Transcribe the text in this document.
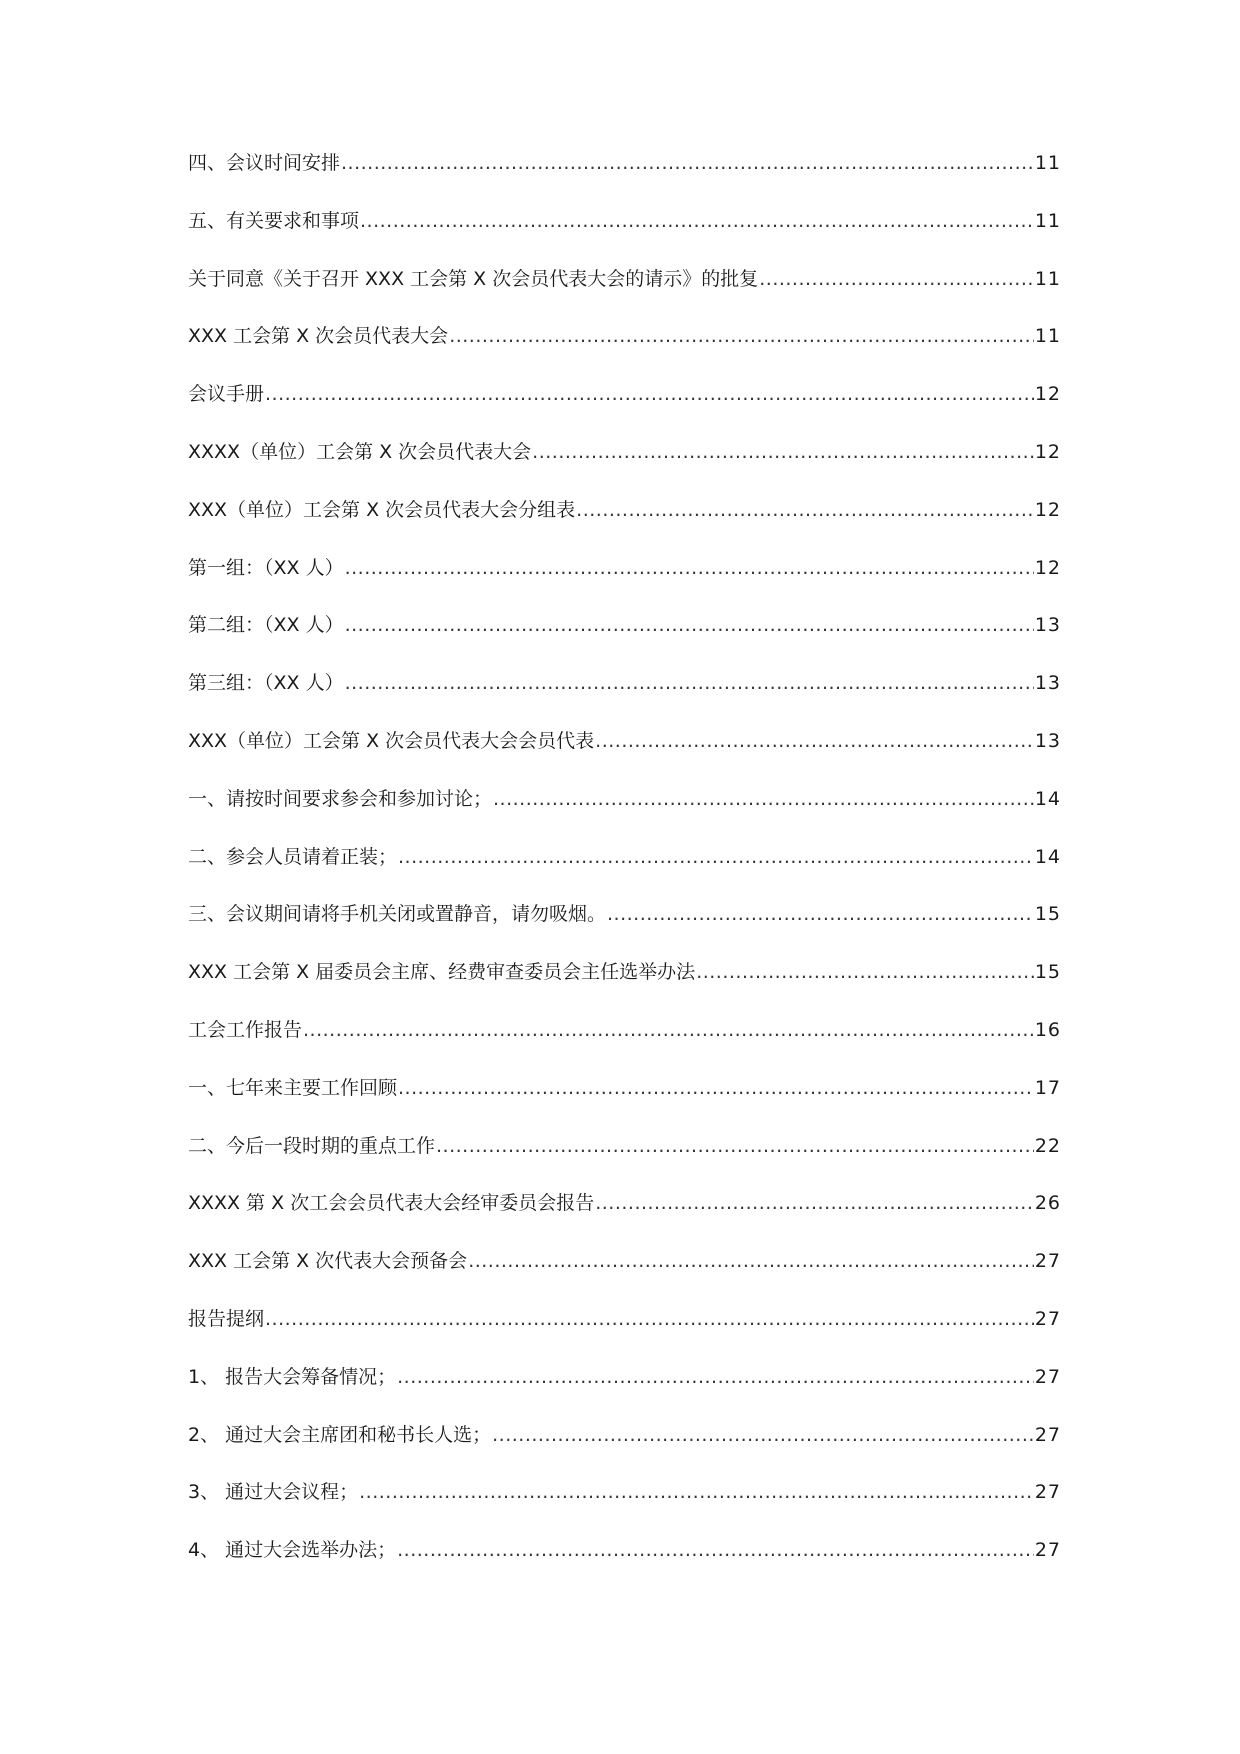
四、会议时间安排 .....	11
五、有关要求和事项 .....	11
关于同意《关于召开 XXX 工会第 X 次会员代表大会的请示》的批复 .....	11
XXX 工会第 X 次会员代表大会 .....	11
会议手册 .....	12
XXXX（单位）工会第 X 次会员代表大会 .....	12
XXX（单位）工会第 X 次会员代表大会分组表 .....	12
第一组：（XX 人） .....	12
第二组：（XX 人） .....	13
第三组：（XX 人） .....	13
XXX（单位）工会第 X 次会员代表大会会员代表 .....	13
一、请按时间要求参会和参加讨论； .....	14
二、参会人员请着正装； .....	14
三、会议期间请将手机关闭或置静音，请勿吸烟。 .....	15
XXX 工会第 X 届委员会主席、经费审查委员会主任选举办法 .....	15
工会工作报告 .....	16
一、七年来主要工作回顾 .....	17
二、今后一段时期的重点工作 .....	22
XXXX 第 X 次工会会员代表大会经审委员会报告 .....	26
XXX 工会第 X 次代表大会预备会 .....	27
报告提纲 .....	27
1、 报告大会筹备情况； .....	27
2、 通过大会主席团和秘书长人选； .....	27
3、 通过大会议程； .....	27
4、 通过大会选举办法； .....	27
